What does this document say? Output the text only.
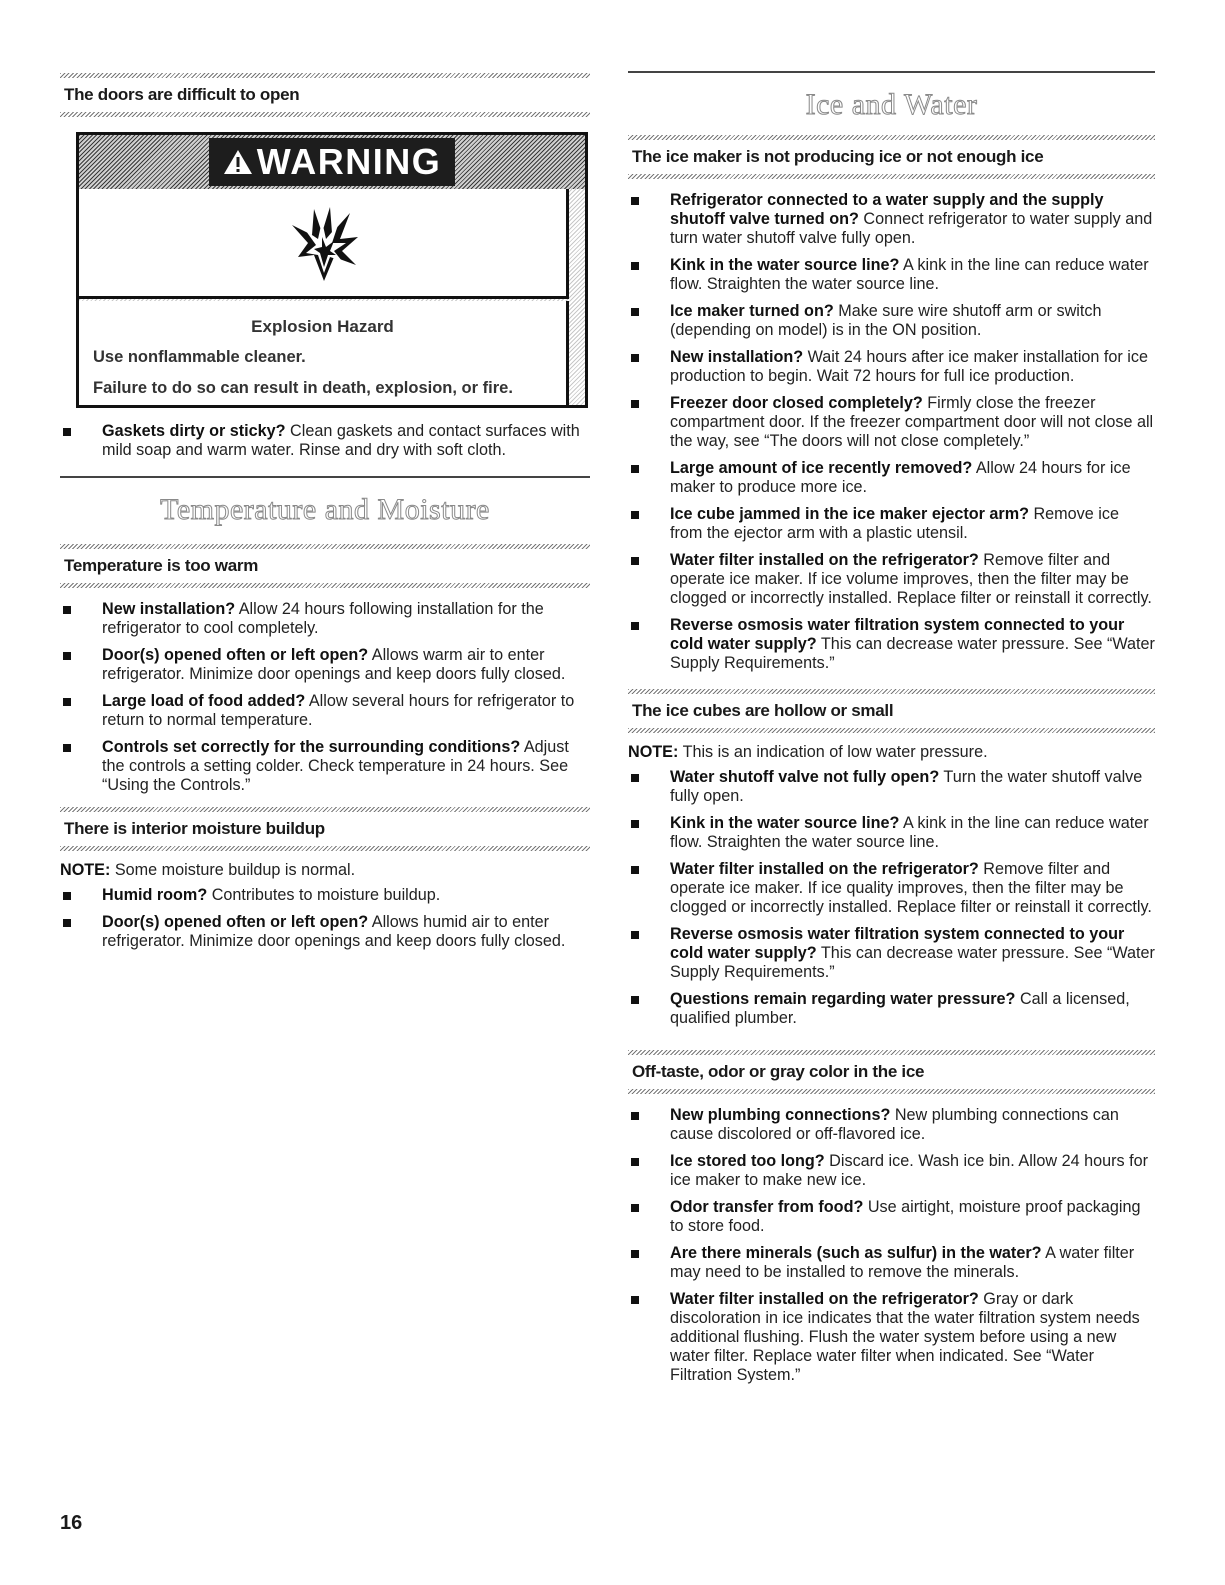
The doors are difficult to open
WARNING

Explosion Hazard

Use nonflammable cleaner.

Failure to do so can result in death, explosion, or fire.

Gaskets dirty or sticky? Clean gaskets and contact surfaces with mild soap and warm water. Rinse and dry with soft cloth.
Temperature and Moisture
Temperature is too warm
New installation? Allow 24 hours following installation for the refrigerator to cool completely.
Door(s) opened often or left open? Allows warm air to enter refrigerator. Minimize door openings and keep doors fully closed.
Large load of food added? Allow several hours for refrigerator to return to normal temperature.
Controls set correctly for the surrounding conditions? Adjust the controls a setting colder. Check temperature in 24 hours. See “Using the Controls.”
There is interior moisture buildup

NOTE: Some moisture buildup is normal.

Humid room? Contributes to moisture buildup.
Door(s) opened often or left open? Allows humid air to enter refrigerator. Minimize door openings and keep doors fully closed.
Ice and Water
The ice maker is not producing ice or not enough ice
Refrigerator connected to a water supply and the supply shutoff valve turned on? Connect refrigerator to water supply and turn water shutoff valve fully open.
Kink in the water source line? A kink in the line can reduce water flow. Straighten the water source line.
Ice maker turned on? Make sure wire shutoff arm or switch (depending on model) is in the ON position.
New installation? Wait 24 hours after ice maker installation for ice production to begin. Wait 72 hours for full ice production.
Freezer door closed completely? Firmly close the freezer compartment door. If the freezer compartment door will not close all the way, see “The doors will not close completely.”
Large amount of ice recently removed? Allow 24 hours for ice maker to produce more ice.
Ice cube jammed in the ice maker ejector arm? Remove ice from the ejector arm with a plastic utensil.
Water filter installed on the refrigerator? Remove filter and operate ice maker. If ice volume improves, then the filter may be clogged or incorrectly installed. Replace filter or reinstall it correctly.
Reverse osmosis water filtration system connected to your cold water supply? This can decrease water pressure. See “Water Supply Requirements.”
The ice cubes are hollow or small

NOTE: This is an indication of low water pressure.

Water shutoff valve not fully open? Turn the water shutoff valve fully open.
Kink in the water source line? A kink in the line can reduce water flow. Straighten the water source line.
Water filter installed on the refrigerator? Remove filter and operate ice maker. If ice quality improves, then the filter may be clogged or incorrectly installed. Replace filter or reinstall it correctly.
Reverse osmosis water filtration system connected to your cold water supply? This can decrease water pressure. See “Water Supply Requirements.”
Questions remain regarding water pressure? Call a licensed, qualified plumber.
Off-taste, odor or gray color in the ice
New plumbing connections? New plumbing connections can cause discolored or off-flavored ice.
Ice stored too long? Discard ice. Wash ice bin. Allow 24 hours for ice maker to make new ice.
Odor transfer from food? Use airtight, moisture proof packaging to store food.
Are there minerals (such as sulfur) in the water? A water filter may need to be installed to remove the minerals.
Water filter installed on the refrigerator? Gray or dark discoloration in ice indicates that the water filtration system needs additional flushing. Flush the water system before using a new water filter. Replace water filter when indicated. See “Water Filtration System.”
16
